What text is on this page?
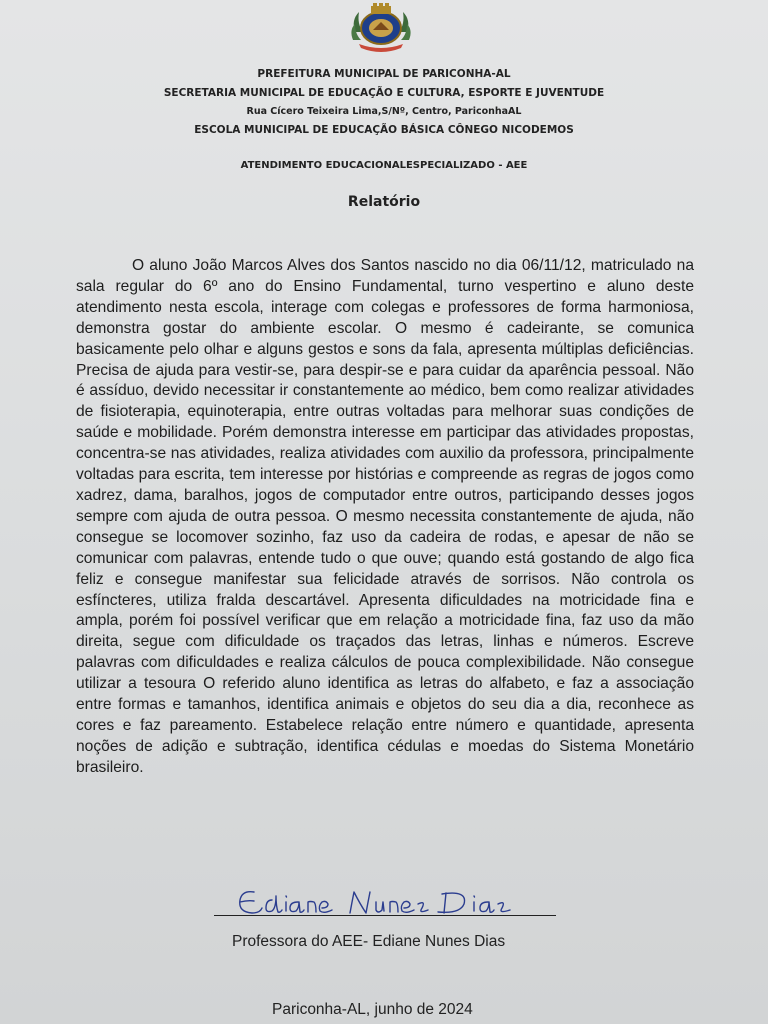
PREFEITURA MUNICIPAL DE PARICONHA-AL
SECRETARIA MUNICIPAL DE EDUCAÇÃO E CULTURA, ESPORTE E JUVENTUDE
Rua Cícero Teixeira Lima,S/Nº, Centro, PariconhaAL
ESCOLA MUNICIPAL DE EDUCAÇÃO BÁSICA CÔNEGO NICODEMOS
ATENDIMENTO EDUCACIONALESPECIALIZADO - AEE
Relatório
O aluno João Marcos Alves dos Santos nascido no dia 06/11/12, matriculado na sala regular do 6º ano do Ensino Fundamental, turno vespertino e aluno deste atendimento nesta escola, interage com colegas e professores de forma harmoniosa, demonstra gostar do ambiente escolar. O mesmo é cadeirante, se comunica basicamente pelo olhar e alguns gestos e sons da fala, apresenta múltiplas deficiências. Precisa de ajuda para vestir-se, para despir-se e para cuidar da aparência pessoal. Não é assíduo, devido necessitar ir constantemente ao médico, bem como realizar atividades de fisioterapia, equinoterapia, entre outras voltadas para melhorar suas condições de saúde e mobilidade. Porém demonstra interesse em participar das atividades propostas, concentra-se nas atividades, realiza atividades com auxilio da professora, principalmente voltadas para escrita, tem interesse por histórias e compreende as regras de jogos como xadrez, dama, baralhos, jogos de computador entre outros, participando desses jogos sempre com ajuda de outra pessoa. O mesmo necessita constantemente de ajuda, não consegue se locomover sozinho, faz uso da cadeira de rodas, e apesar de não se comunicar com palavras, entende tudo o que ouve; quando está gostando de algo fica feliz e consegue manifestar sua felicidade através de sorrisos. Não controla os esfíncteres, utiliza fralda descartável. Apresenta dificuldades na motricidade fina e ampla, porém foi possível verificar que em relação a motricidade fina, faz uso da mão direita, segue com dificuldade os traçados das letras, linhas e números. Escreve palavras com dificuldades e realiza cálculos de pouca complexibilidade. Não consegue utilizar a tesoura O referido aluno identifica as letras do alfabeto, e faz a associação entre formas e tamanhos, identifica animais e objetos do seu dia a dia, reconhece as cores e faz pareamento. Estabelece relação entre número e quantidade, apresenta noções de adição e subtração, identifica cédulas e moedas do Sistema Monetário brasileiro.
Professora do AEE- Ediane Nunes Dias
Pariconha-AL, junho de 2024
